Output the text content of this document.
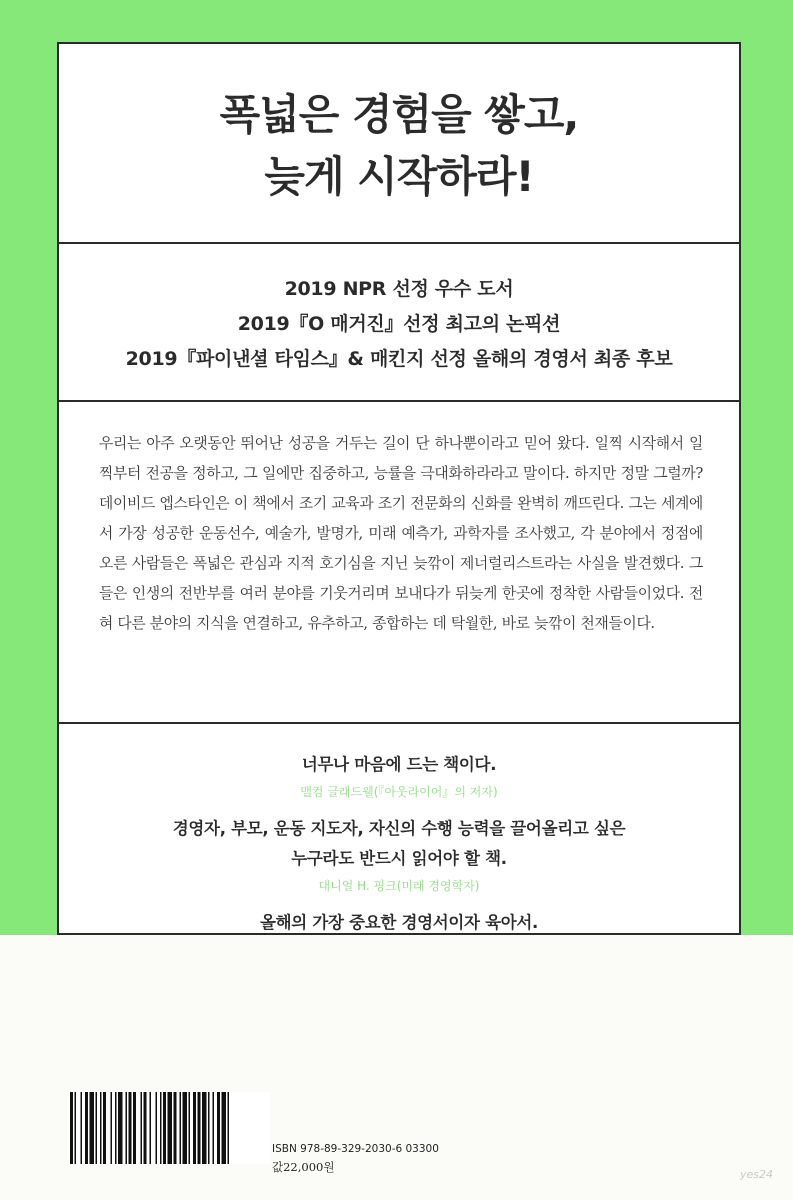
폭넓은 경험을 쌓고,
늦게 시작하라!
2019 NPR 선정 우수 도서
2019『O 매거진』선정 최고의 논픽션
2019『파이낸셜 타임스』& 매킨지 선정 올해의 경영서 최종 후보
우리는 아주 오랫동안 뛰어난 성공을 거두는 길이 단 하나뿐이라고 믿어 왔다. 일찍 시작해서 일찍부터 전공을 정하고, 그 일에만 집중하고, 능률을 극대화하라라고 말이다. 하지만 정말 그럴까? 데이비드 엡스타인은 이 책에서 조기 교육과 조기 전문화의 신화를 완벽히 깨뜨린다. 그는 세계에서 가장 성공한 운동선수, 예술가, 발명가, 미래 예측가, 과학자를 조사했고, 각 분야에서 정점에 오른 사람들은 폭넓은 관심과 지적 호기심을 지닌 늦깎이 제너럴리스트라는 사실을 발견했다. 그들은 인생의 전반부를 여러 분야를 기웃거리며 보내다가 뒤늦게 한곳에 정착한 사람들이었다. 전혀 다른 분야의 지식을 연결하고, 유추하고, 종합하는 데 탁월한, 바로 늦깎이 천재들이다.
너무나 마음에 드는 책이다.
맬컴 글래드웰(『아웃라이어』의 저자)
경영자, 부모, 운동 지도자, 자신의 수행 능력을 끌어올리고 싶은
누구라도 반드시 읽어야 할 책.
대니얼 H. 핑크(미래 경영학자)
올해의 가장 중요한 경영서이자 육아서.
ISBN 978-89-329-2030-6 03300
값22,000원
yes24
